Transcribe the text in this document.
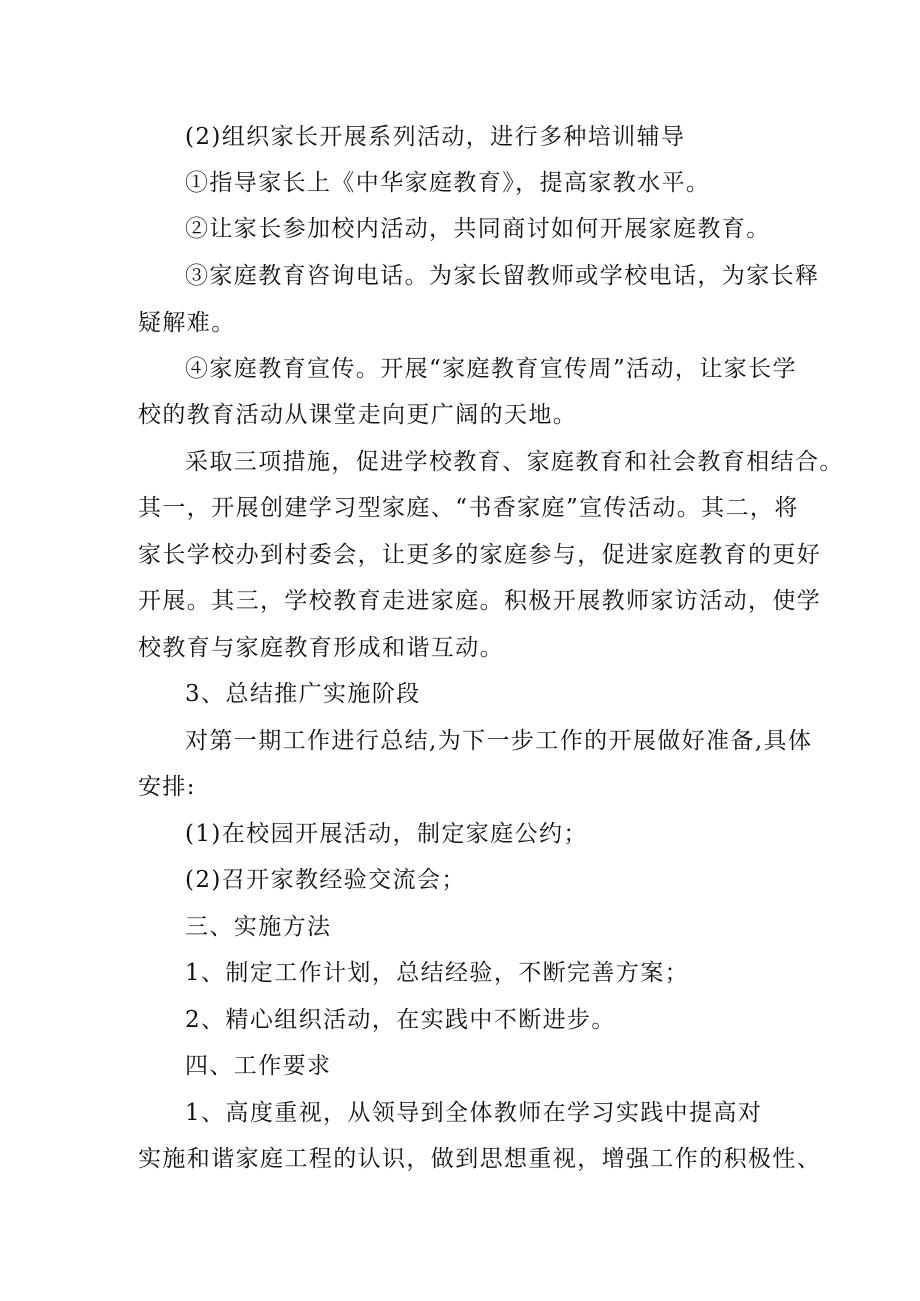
(2)组织家长开展系列活动，进行多种培训辅导

①指导家长上《中华家庭教育》，提高家教水平。

②让家长参加校内活动，共同商讨如何开展家庭教育。

③家庭教育咨询电话。为家长留教师或学校电话，为家长释

疑解难。

④家庭教育宣传。开展“家庭教育宣传周”活动，让家长学

校的教育活动从课堂走向更广阔的天地。

采取三项措施，促进学校教育、家庭教育和社会教育相结合。

其一，开展创建学习型家庭、“书香家庭”宣传活动。其二，将

家长学校办到村委会，让更多的家庭参与，促进家庭教育的更好

开展。其三，学校教育走进家庭。积极开展教师家访活动，使学

校教育与家庭教育形成和谐互动。

3、总结推广实施阶段

对第一期工作进行总结,为下一步工作的开展做好准备,具体

安排:

(1)在校园开展活动，制定家庭公约；

(2)召开家教经验交流会；

三、实施方法

1、制定工作计划，总结经验，不断完善方案；

2、精心组织活动，在实践中不断进步。

四、工作要求

1、高度重视，从领导到全体教师在学习实践中提高对

实施和谐家庭工程的认识，做到思想重视，增强工作的积极性、
